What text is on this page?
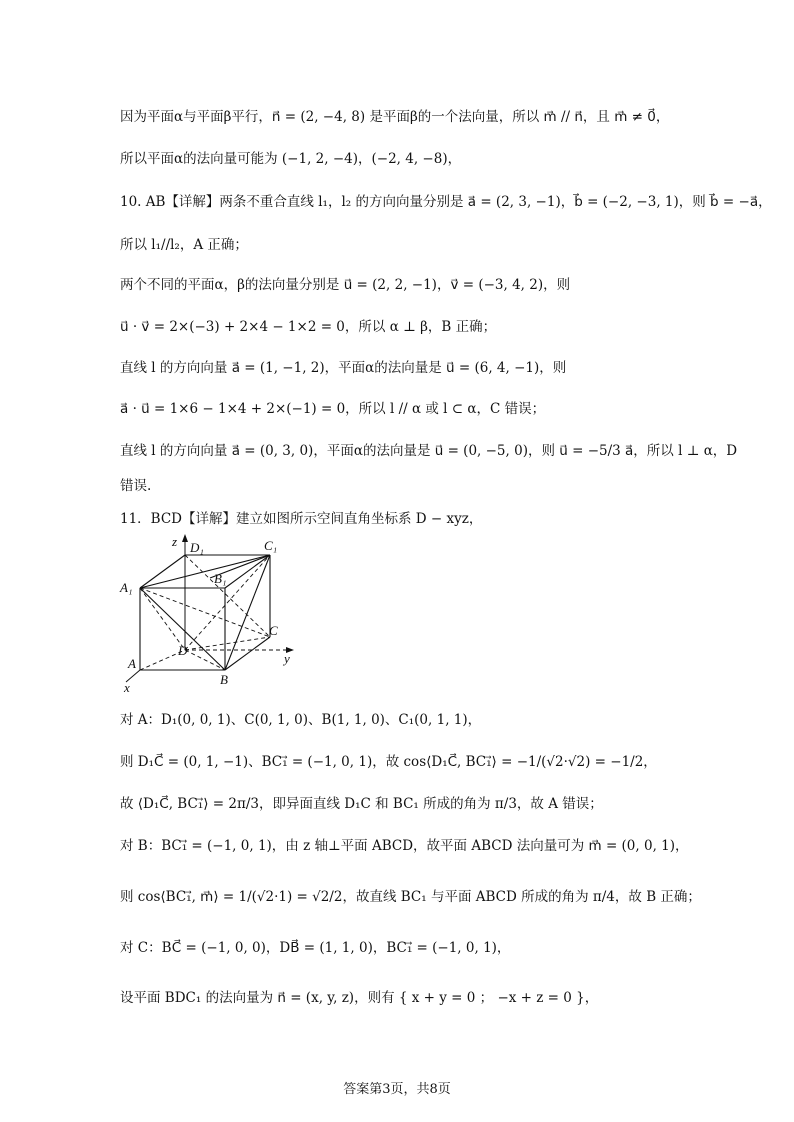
因为平面α与平面β平行，n⃗ = (2, −4, 8) 是平面β的一个法向量，所以 m⃗ // n⃗，且 m⃗ ≠ 0⃗，
所以平面α的法向量可能为 (−1, 2, −4)，(−2, 4, −8)，
10. AB【详解】两条不重合直线 l₁，l₂ 的方向向量分别是 a⃗ = (2, 3, −1)，b⃗ = (−2, −3, 1)，则 b⃗ = −a⃗，
所以 l₁//l₂，A 正确；
两个不同的平面α，β的法向量分别是 u⃗ = (2, 2, −1)，v⃗ = (−3, 4, 2)，则
u⃗ · v⃗ = 2×(−3) + 2×4 − 1×2 = 0，所以 α ⊥ β，B 正确；
直线 l 的方向向量 a⃗ = (1, −1, 2)，平面α的法向量是 u⃗ = (6, 4, −1)，则
a⃗ · u⃗ = 1×6 − 1×4 + 2×(−1) = 0，所以 l // α 或 l ⊂ α，C 错误；
直线 l 的方向向量 a⃗ = (0, 3, 0)，平面α的法向量是 u⃗ = (0, −5, 0)，则 u⃗ = −5/3 a⃗，所以 l ⊥ α，D
错误.
11．BCD【详解】建立如图所示空间直角坐标系 D − xyz，
z D₁	C₁
B₁
A₁
C
y
D
A
B
x
对 A：D₁(0, 0, 1)、C(0, 1, 0)、B(1, 1, 0)、C₁(0, 1, 1)，
则 D₁C⃗ = (0, 1, −1)、BC₁⃗ = (−1, 0, 1)，故 cos⟨D₁C⃗, BC₁⃗⟩ = −1/(√2·√2) = −1/2，
故 ⟨D₁C⃗, BC₁⃗⟩ = 2π/3，即异面直线 D₁C 和 BC₁ 所成的角为 π/3，故 A 错误；
对 B：BC₁⃗ = (−1, 0, 1)，由 z 轴⊥平面 ABCD，故平面 ABCD 法向量可为 m⃗ = (0, 0, 1)，
则 cos⟨BC₁⃗, m⃗⟩ = 1/(√2·1) = √2/2，故直线 BC₁ 与平面 ABCD 所成的角为 π/4，故 B 正确；
对 C：BC⃗ = (−1, 0, 0)，DB⃗ = (1, 1, 0)，BC₁⃗ = (−1, 0, 1)，
设平面 BDC₁ 的法向量为 n⃗ = (x, y, z)，则有 { x + y = 0 ； −x + z = 0 }，
答案第3页，共8页
